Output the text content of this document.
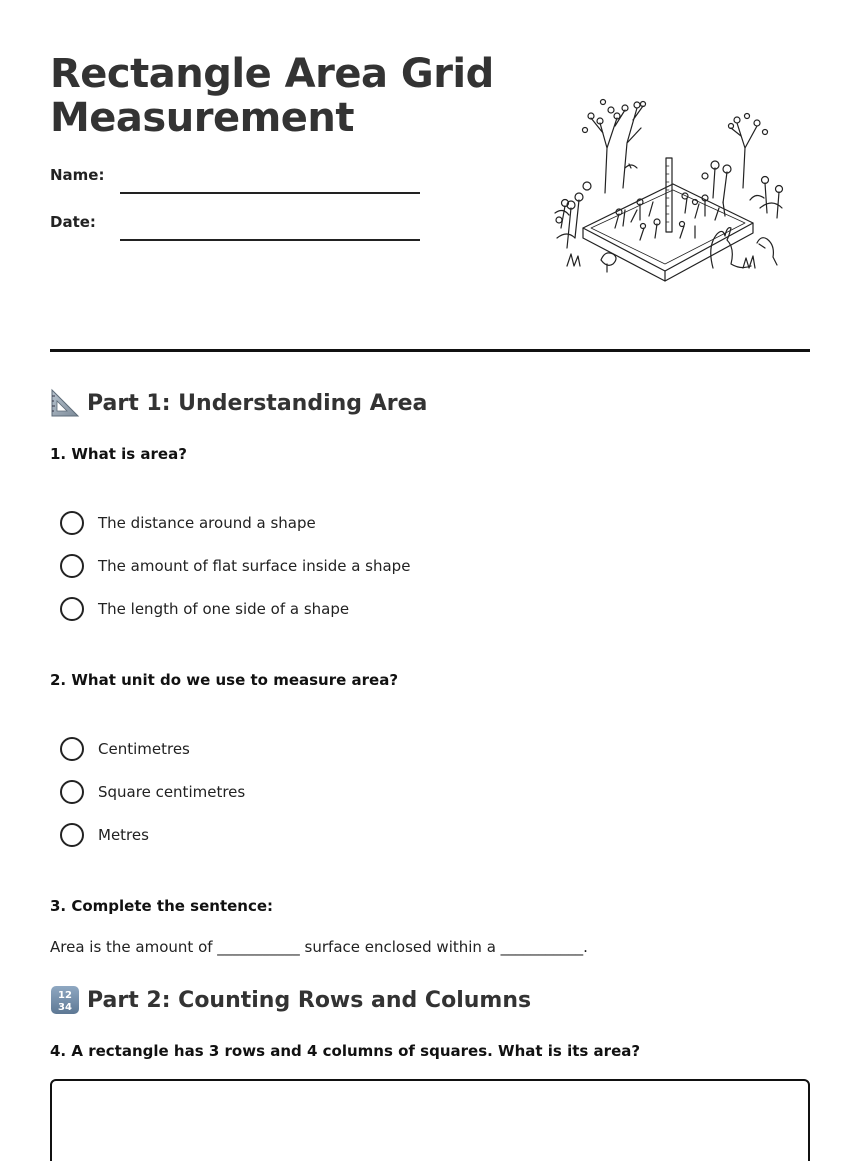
Rectangle Area Grid Measurement
Name:
Date:
Part 1: Understanding Area
1. What is area?
The distance around a shape
The amount of flat surface inside a shape
The length of one side of a shape
2. What unit do we use to measure area?
Centimetres
Square centimetres
Metres
3. Complete the sentence:
Area is the amount of ___________ surface enclosed within a ___________.
12
34 Part 2: Counting Rows and Columns
4. A rectangle has 3 rows and 4 columns of squares. What is its area?
